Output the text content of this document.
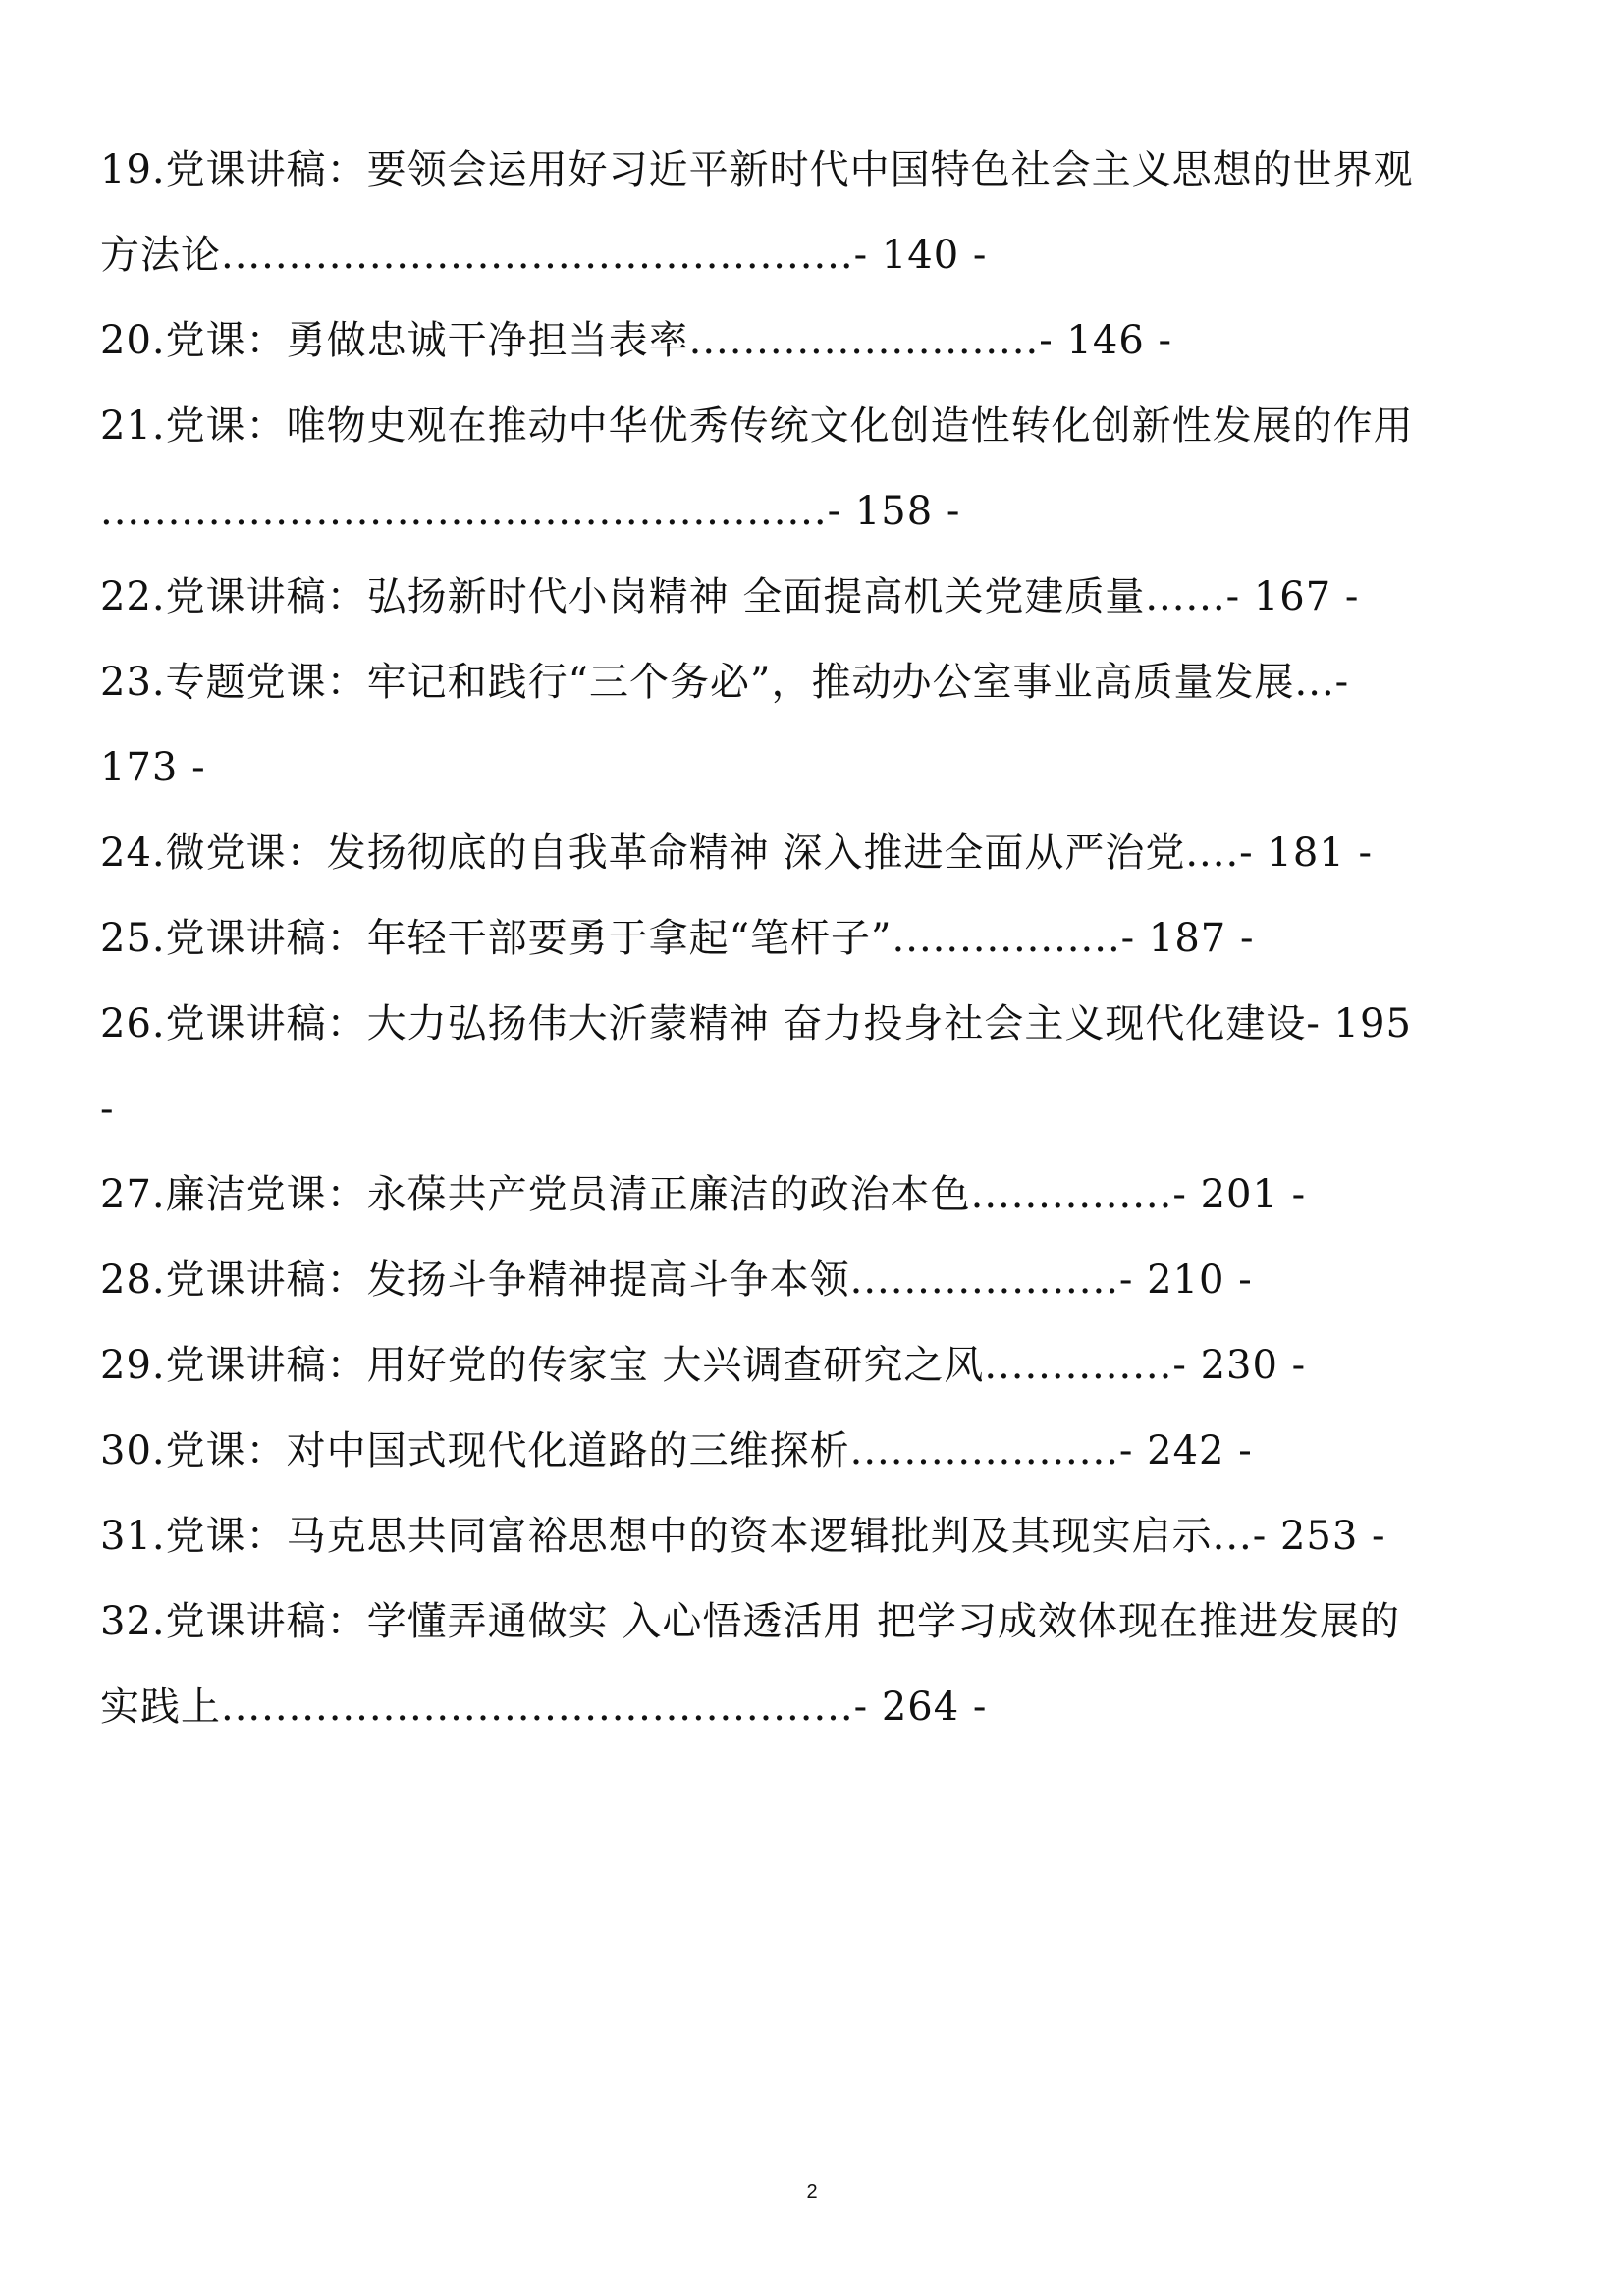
19.党课讲稿：要领会运用好习近平新时代中国特色社会主义思想的世界观
方法论...............................................- 140 -
20.党课：勇做忠诚干净担当表率..........................- 146 -
21.党课：唯物史观在推动中华优秀传统文化创造性转化创新性发展的作用
......................................................- 158 -
22.党课讲稿：弘扬新时代小岗精神 全面提高机关党建质量......- 167 -
23.专题党课：牢记和践行“三个务必”，推动办公室事业高质量发展...-
173 -
24.微党课：发扬彻底的自我革命精神 深入推进全面从严治党....- 181 -
25.党课讲稿：年轻干部要勇于拿起“笔杆子”.................- 187 -
26.党课讲稿：大力弘扬伟大沂蒙精神 奋力投身社会主义现代化建设- 195
-
27.廉洁党课：永葆共产党员清正廉洁的政治本色...............- 201 -
28.党课讲稿：发扬斗争精神提高斗争本领....................- 210 -
29.党课讲稿：用好党的传家宝 大兴调查研究之风..............- 230 -
30.党课：对中国式现代化道路的三维探析....................- 242 -
31.党课：马克思共同富裕思想中的资本逻辑批判及其现实启示...- 253 -
32.党课讲稿：学懂弄通做实 入心悟透活用 把学习成效体现在推进发展的
实践上...............................................- 264 -
2
